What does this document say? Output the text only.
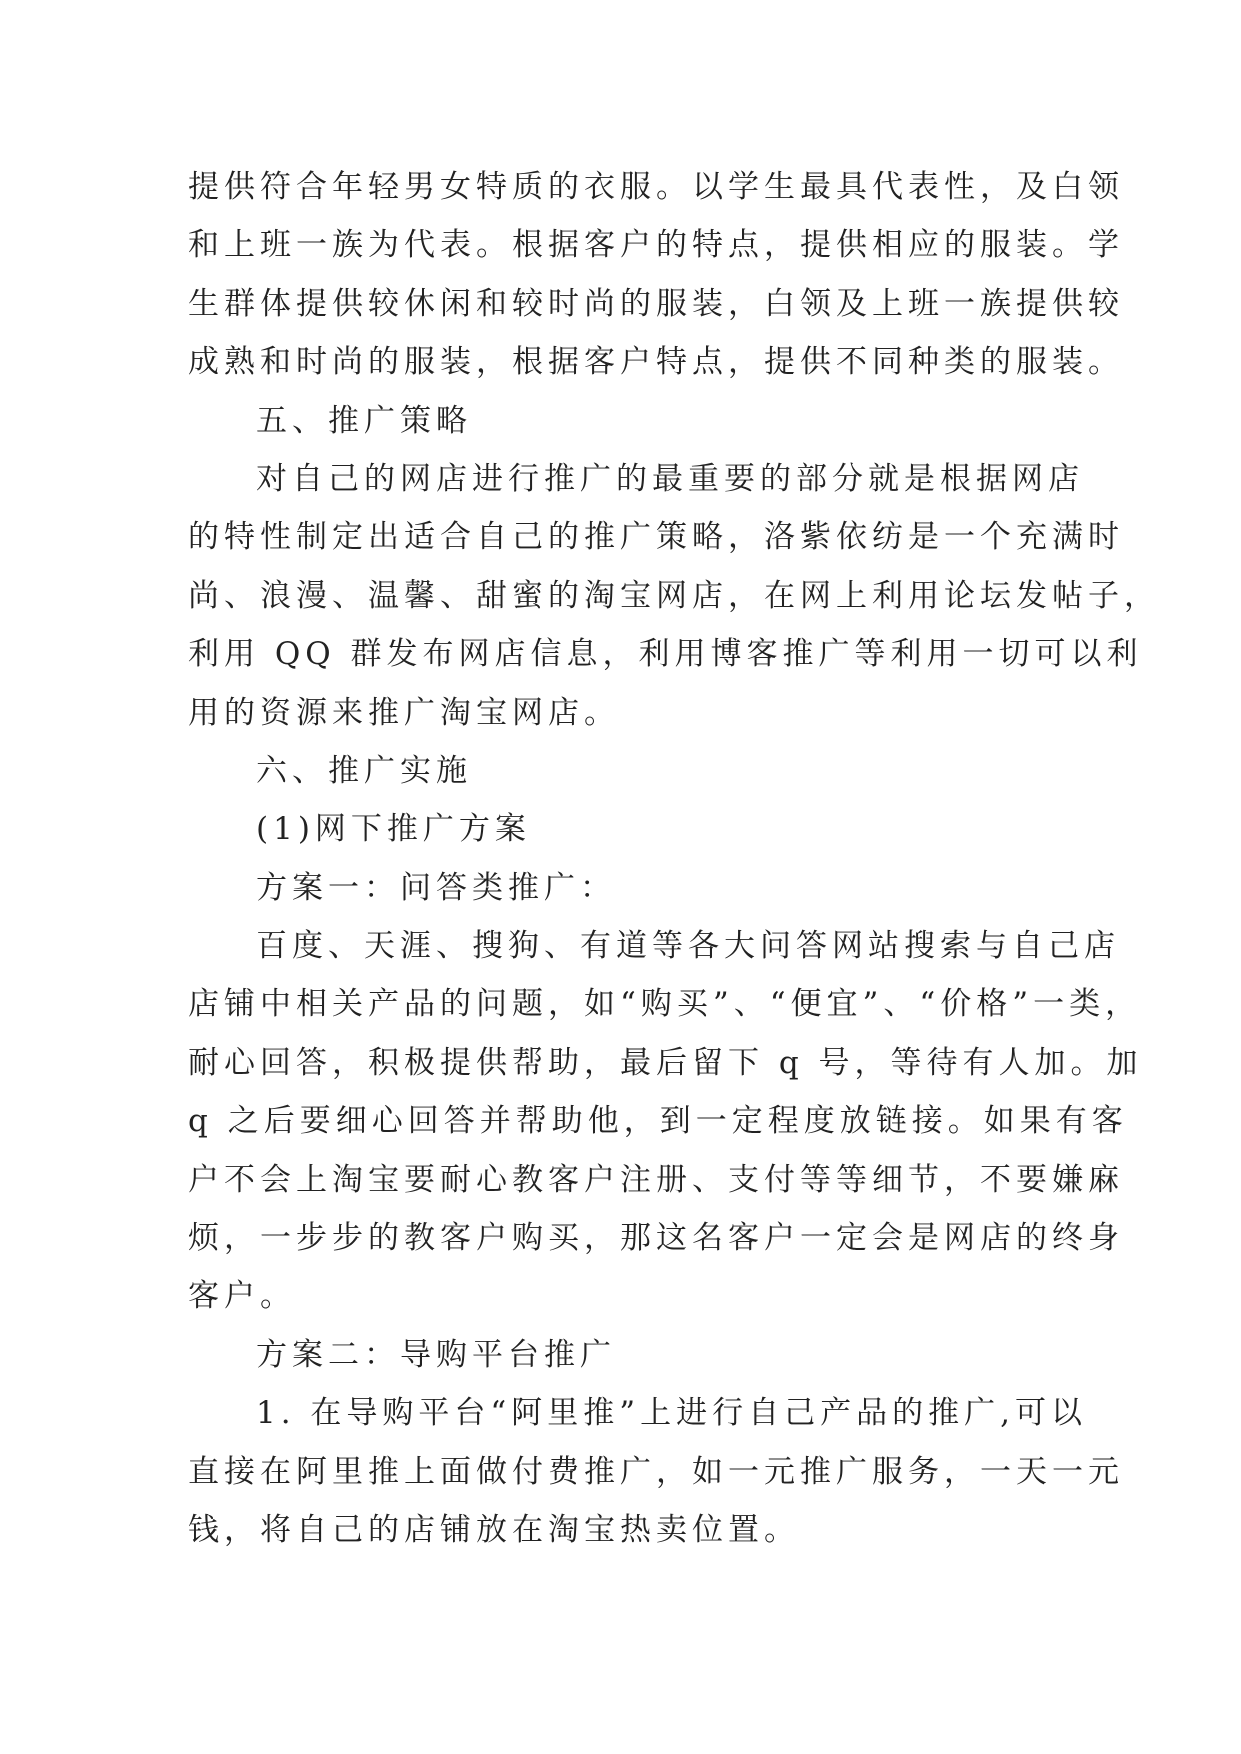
提供符合年轻男女特质的衣服。以学生最具代表性，及白领
和上班一族为代表。根据客户的特点，提供相应的服装。学
生群体提供较休闲和较时尚的服装，白领及上班一族提供较
成熟和时尚的服装，根据客户特点，提供不同种类的服装。
五、推广策略
对自己的网店进行推广的最重要的部分就是根据网店
的特性制定出适合自己的推广策略，洛紫依纺是一个充满时
尚、浪漫、温馨、甜蜜的淘宝网店，在网上利用论坛发帖子，
利用 QQ 群发布网店信息，利用博客推广等利用一切可以利
用的资源来推广淘宝网店。
六、推广实施
(1)网下推广方案
方案一：问答类推广：
百度、天涯、搜狗、有道等各大问答网站搜索与自己店
店铺中相关产品的问题，如“购买”、“便宜”、“价格”一类，
耐心回答，积极提供帮助，最后留下 q 号，等待有人加。加
q 之后要细心回答并帮助他，到一定程度放链接。如果有客
户不会上淘宝要耐心教客户注册、支付等等细节，不要嫌麻
烦，一步步的教客户购买，那这名客户一定会是网店的终身
客户。
方案二：导购平台推广
1. 在导购平台“阿里推”上进行自己产品的推广,可以
直接在阿里推上面做付费推广，如一元推广服务，一天一元
钱，将自己的店铺放在淘宝热卖位置。
